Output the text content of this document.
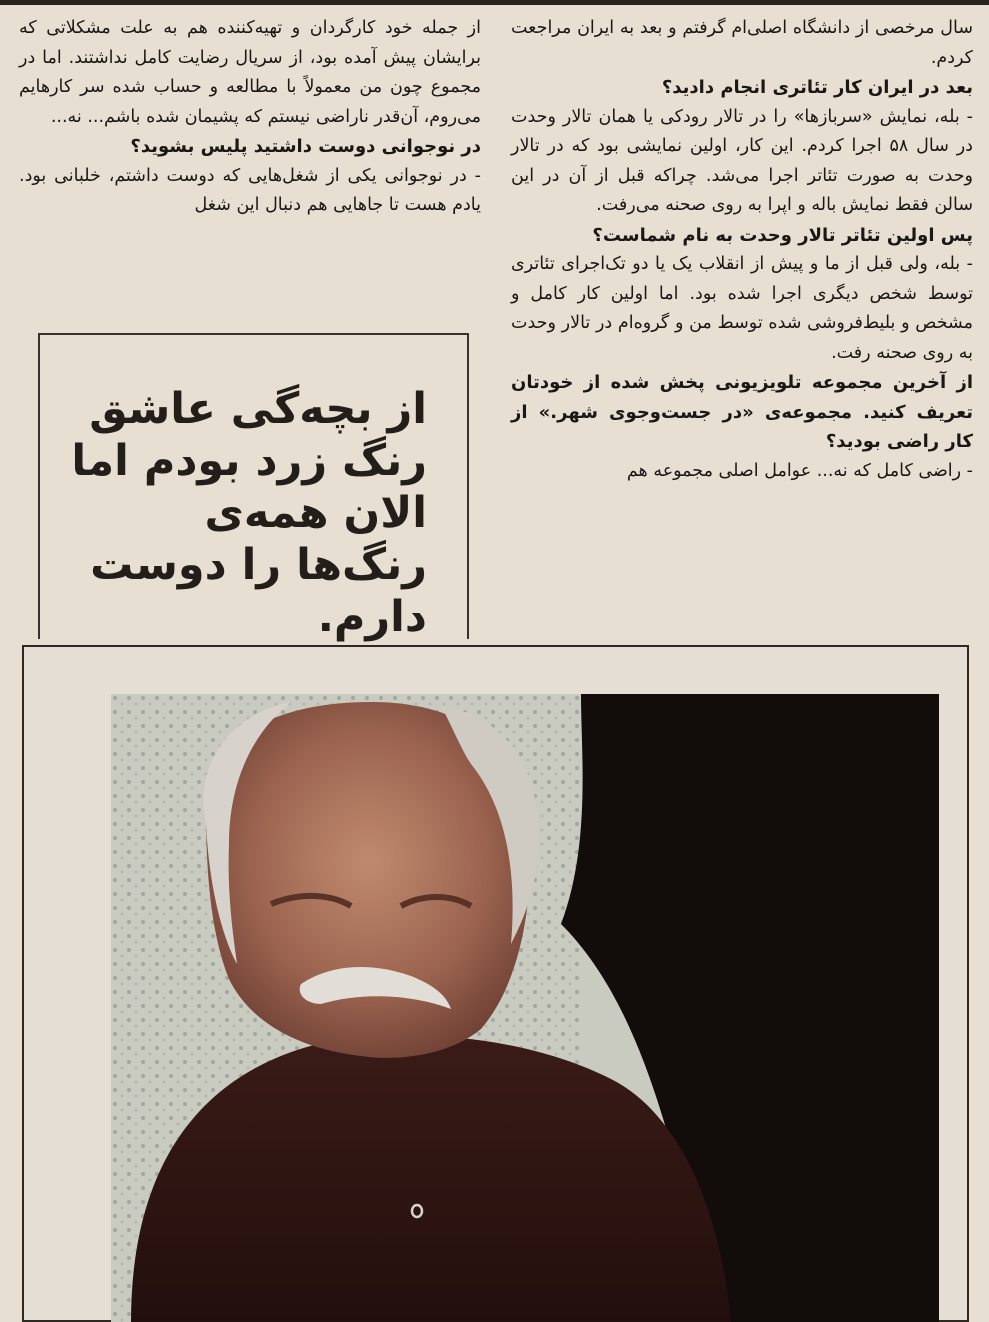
سال مرخصی از دانشگاه اصلی‌ام گرفتم و بعد به ایران مراجعت کردم.

بعد در ایران کار تئاتری انجام دادید؟

- بله، نمایش «سربازها» را در تالار رودکی یا همان تالار وحدت در سال ۵۸ اجرا کردم. این کار، اولین نمایشی بود که در تالار وحدت به صورت تئاتر اجرا می‌شد. چراکه قبل از آن در این سالن فقط نمایش باله و اپرا به روی صحنه می‌رفت.

پس اولین تئاتر تالار وحدت به نام شماست؟

- بله، ولی قبل از ما و پیش از انقلاب یک یا دو تک‌اجرای تئاتری توسط شخص دیگری اجرا شده بود. اما اولین کار کامل و مشخص و بلیط‌فروشی شده توسط من و گروه‌ام در تالار وحدت به روی صحنه رفت.

از آخرین مجموعه تلویزیونی پخش شده از خودتان تعریف کنید. مجموعه‌ی «در جست‌وجوی شهر.» از کار راضی بودید؟

- راضی کامل که نه... عوامل اصلی مجموعه هم

از جمله خود کارگردان و تهیه‌کننده هم به علت مشکلاتی که برایشان پیش آمده بود، از سریال رضایت کامل نداشتند. اما در مجموع چون من معمولاً با مطالعه و حساب شده سر کارهایم می‌روم، آن‌قدر ناراضی نیستم که پشیمان شده باشم... نه...

در نوجوانی دوست داشتید پلیس بشوید؟

- در نوجوانی یکی از شغل‌هایی که دوست داشتم، خلبانی بود. یادم هست تا جاهایی هم دنبال این شغل

از بچه‌گی عاشق رنگ زرد بودم اما الان همه‌ی رنگ‌ها را دوست دارم.
